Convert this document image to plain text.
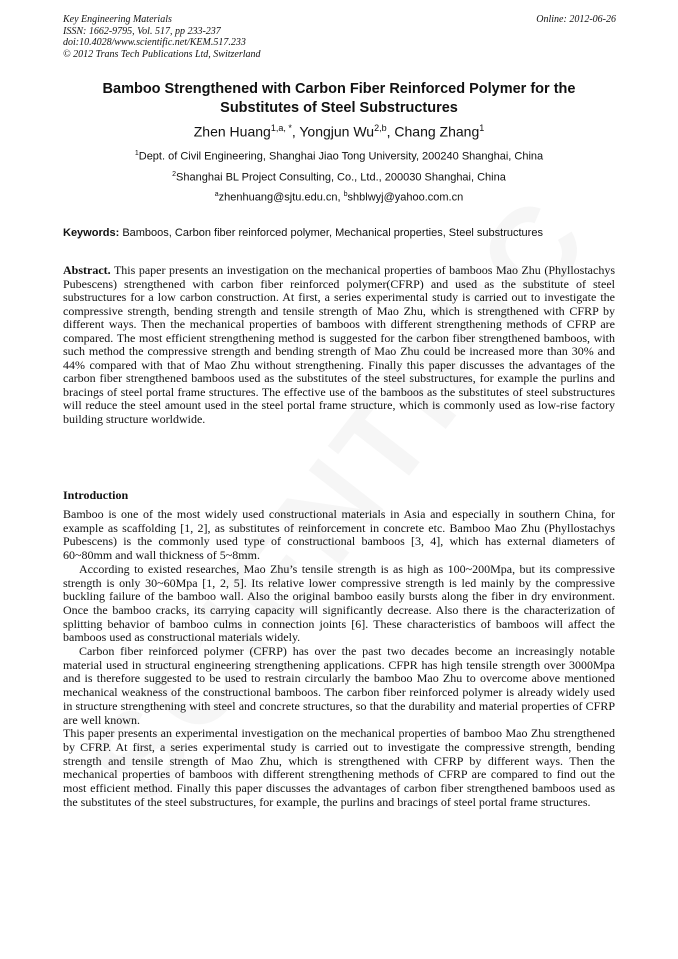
Key Engineering Materials
ISSN: 1662-9795, Vol. 517, pp 233-237
doi:10.4028/www.scientific.net/KEM.517.233
© 2012 Trans Tech Publications Ltd, Switzerland
Online: 2012-06-26
Bamboo Strengthened with Carbon Fiber Reinforced Polymer for the Substitutes of Steel Substructures
Zhen Huang$^{1,a, *}$, Yongjun Wu$^{2,b}$, Chang Zhang$^1$
$^1$Dept. of Civil Engineering, Shanghai Jiao Tong University, 200240 Shanghai, China
$^2$Shanghai BL Project Consulting, Co., Ltd., 200030 Shanghai, China
$^a$zhenhuang@sjtu.edu.cn, $^b$shblwyj@yahoo.com.cn
Keywords: Bamboos, Carbon fiber reinforced polymer, Mechanical properties, Steel substructures

Abstract. This paper presents an investigation on the mechanical properties of bamboos Mao Zhu (Phyllostachys Pubescens) strengthened with carbon fiber reinforced polymer(CFRP) and used as the substitute of steel substructures for a low carbon construction. At first, a series experimental study is carried out to investigate the compressive strength, bending strength and tensile strength of Mao Zhu, which is strengthened with CFRP by different ways. Then the mechanical properties of bamboos with different strengthening methods of CFRP are compared. The most efficient strengthening method is suggested for the carbon fiber strengthened bamboos, with such method the compressive strength and bending strength of Mao Zhu could be increased more than 30% and 44% compared with that of Mao Zhu without strengthening. Finally this paper discusses the advantages of the carbon fiber strengthened bamboos used as the substitutes of the steel substructures, for example the purlins and bracings of steel portal frame structures. The effective use of the bamboos as the substitutes of steel substructures will reduce the steel amount used in the steel portal frame structure, which is commonly used as low-rise factory building structure worldwide.

Introduction

Bamboo is one of the most widely used constructional materials in Asia and especially in southern China, for example as scaffolding [1, 2], as substitutes of reinforcement in concrete etc. Bamboo Mao Zhu (Phyllostachys Pubescens) is the commonly used type of constructional bamboos [3, 4], which has external diameters of 60~80mm and wall thickness of 5~8mm.

According to existed researches, Mao Zhu’s tensile strength is as high as 100~200Mpa, but its compressive strength is only 30~60Mpa [1, 2, 5]. Its relative lower compressive strength is led mainly by the compressive buckling failure of the bamboo wall. Also the original bamboo easily bursts along the fiber in dry environment. Once the bamboo cracks, its carrying capacity will significantly decrease. Also there is the characterization of splitting behavior of bamboo culms in connection joints [6]. These characteristics of bamboos will affect the bamboos used as constructional materials widely.

Carbon fiber reinforced polymer (CFRP) has over the past two decades become an increasingly notable material used in structural engineering strengthening applications. CFPR has high tensile strength over 3000Mpa and is therefore suggested to be used to restrain circularly the bamboo Mao Zhu to overcome above mentioned mechanical weakness of the constructional bamboos. The carbon fiber reinforced polymer is already widely used in structure strengthening with steel and concrete structures, so that the durability and material properties of CFRP are well known.

This paper presents an experimental investigation on the mechanical properties of bamboo Mao Zhu strengthened by CFRP. At first, a series experimental study is carried out to investigate the compressive strength, bending strength and tensile strength of Mao Zhu, which is strengthened with CFRP by different ways. Then the mechanical properties of bamboos with different strengthening methods of CFRP are compared to find out the most efficient method. Finally this paper discusses the advantages of carbon fiber strengthened bamboos used as the substitutes of the steel substructures, for example, the purlins and bracings of steel portal frame structures.
